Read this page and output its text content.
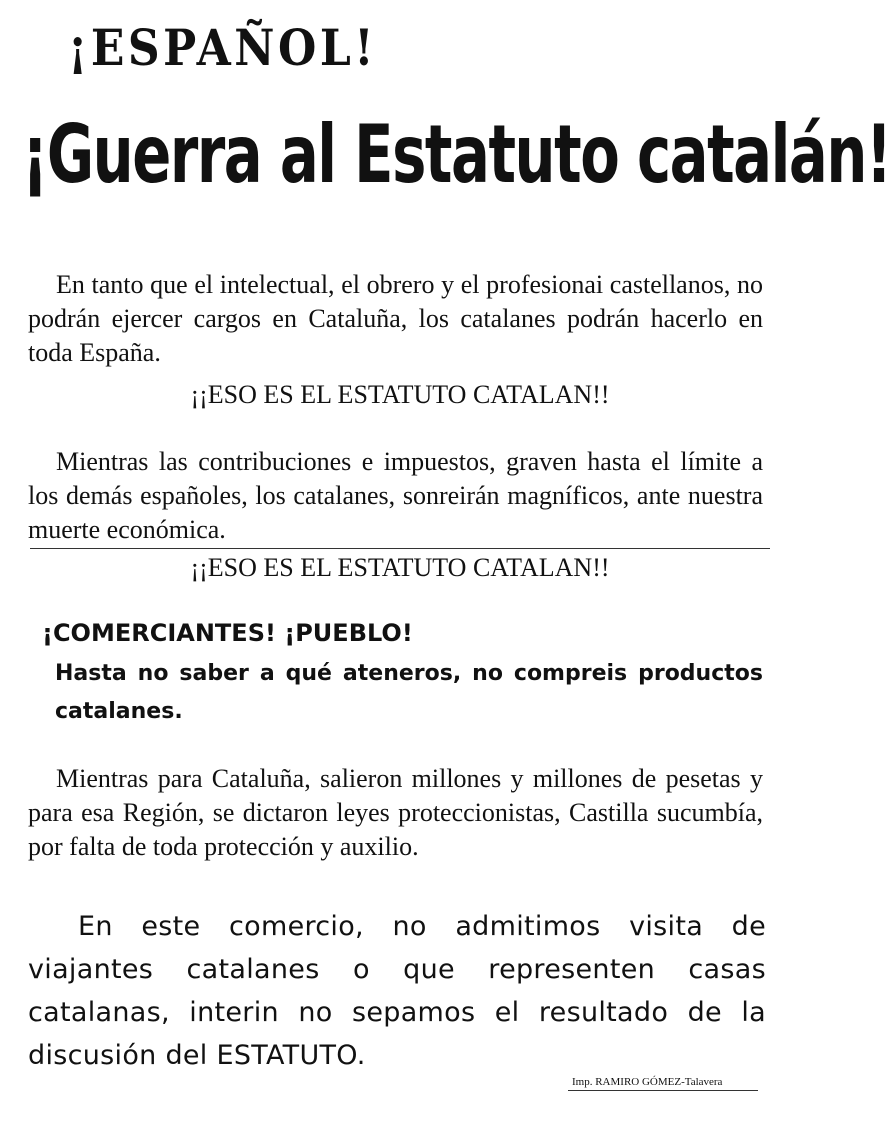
¡ESPAÑOL!
¡Guerra al Estatuto catalán!

En tanto que el intelectual, el obrero y el profesionai castellanos, no podrán ejercer cargos en Cataluña, los catalanes podrán hacerlo en toda España.

¡¡ESO ES EL ESTATUTO CATALAN!!

Mientras las contribuciones e impuestos, graven hasta el límite a los demás españoles, los catalanes, sonreirán magníficos, ante nuestra muerte económica.

¡¡ESO ES EL ESTATUTO CATALAN!!
¡COMERCIANTES! ¡PUEBLO!
Hasta no saber a qué ateneros, no compreis productos catalanes.

Mientras para Cataluña, salieron millones y millones de pesetas y para esa Región, se dictaron leyes proteccionistas, Castilla sucumbía, por falta de toda protección y auxilio.

En este comercio, no admitimos visita de viajantes catalanes o que representen casas catalanas, interin no sepamos el resultado de la discusión del ESTATUTO.

Imp. RAMIRO GÓMEZ-Talavera
